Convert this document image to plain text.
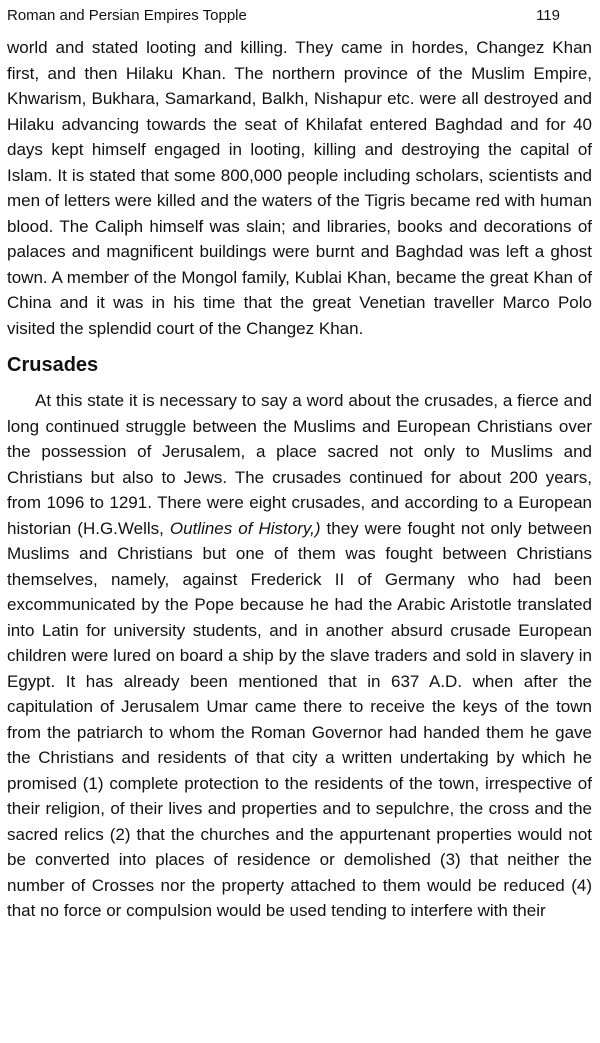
Roman and Persian Empires Topple	119

world and stated looting and killing. They came in hordes, Changez Khan first, and then Hilaku Khan. The northern province of the Muslim Empire, Khwarism, Bukhara, Samarkand, Balkh, Nishapur etc. were all destroyed and Hilaku advancing towards the seat of Khilafat entered Baghdad and for 40 days kept himself engaged in looting, killing and destroying the capital of Islam. It is stated that some 800,000 people including scholars, scientists and men of letters were killed and the waters of the Tigris became red with human blood. The Caliph himself was slain; and libraries, books and decorations of palaces and magnificent buildings were burnt and Baghdad was left a ghost town. A member of the Mongol family, Kublai Khan, became the great Khan of China and it was in his time that the great Venetian traveller Marco Polo visited the splendid court of the Changez Khan.

Crusades

At this state it is necessary to say a word about the crusades, a fierce and long continued struggle between the Muslims and European Christians over the possession of Jerusalem, a place sacred not only to Muslims and Christians but also to Jews. The crusades continued for about 200 years, from 1096 to 1291. There were eight crusades, and according to a European historian (H.G.Wells, Outlines of History,) they were fought not only between Muslims and Christians but one of them was fought between Christians themselves, namely, against Frederick II of Germany who had been excommunicated by the Pope because he had the Arabic Aristotle translated into Latin for university students, and in another absurd crusade European children were lured on board a ship by the slave traders and sold in slavery in Egypt. It has already been mentioned that in 637 A.D. when after the capitulation of Jerusalem Umar came there to receive the keys of the town from the patriarch to whom the Roman Governor had handed them he gave the Christians and residents of that city a written undertaking by which he promised (1) complete protection to the residents of the town, irrespective of their religion, of their lives and properties and to sepulchre, the cross and the sacred relics (2) that the churches and the appurtenant properties would not be converted into places of residence or demolished (3) that neither the number of Crosses nor the property attached to them would be reduced (4) that no force or compulsion would be used tending to interfere with their
